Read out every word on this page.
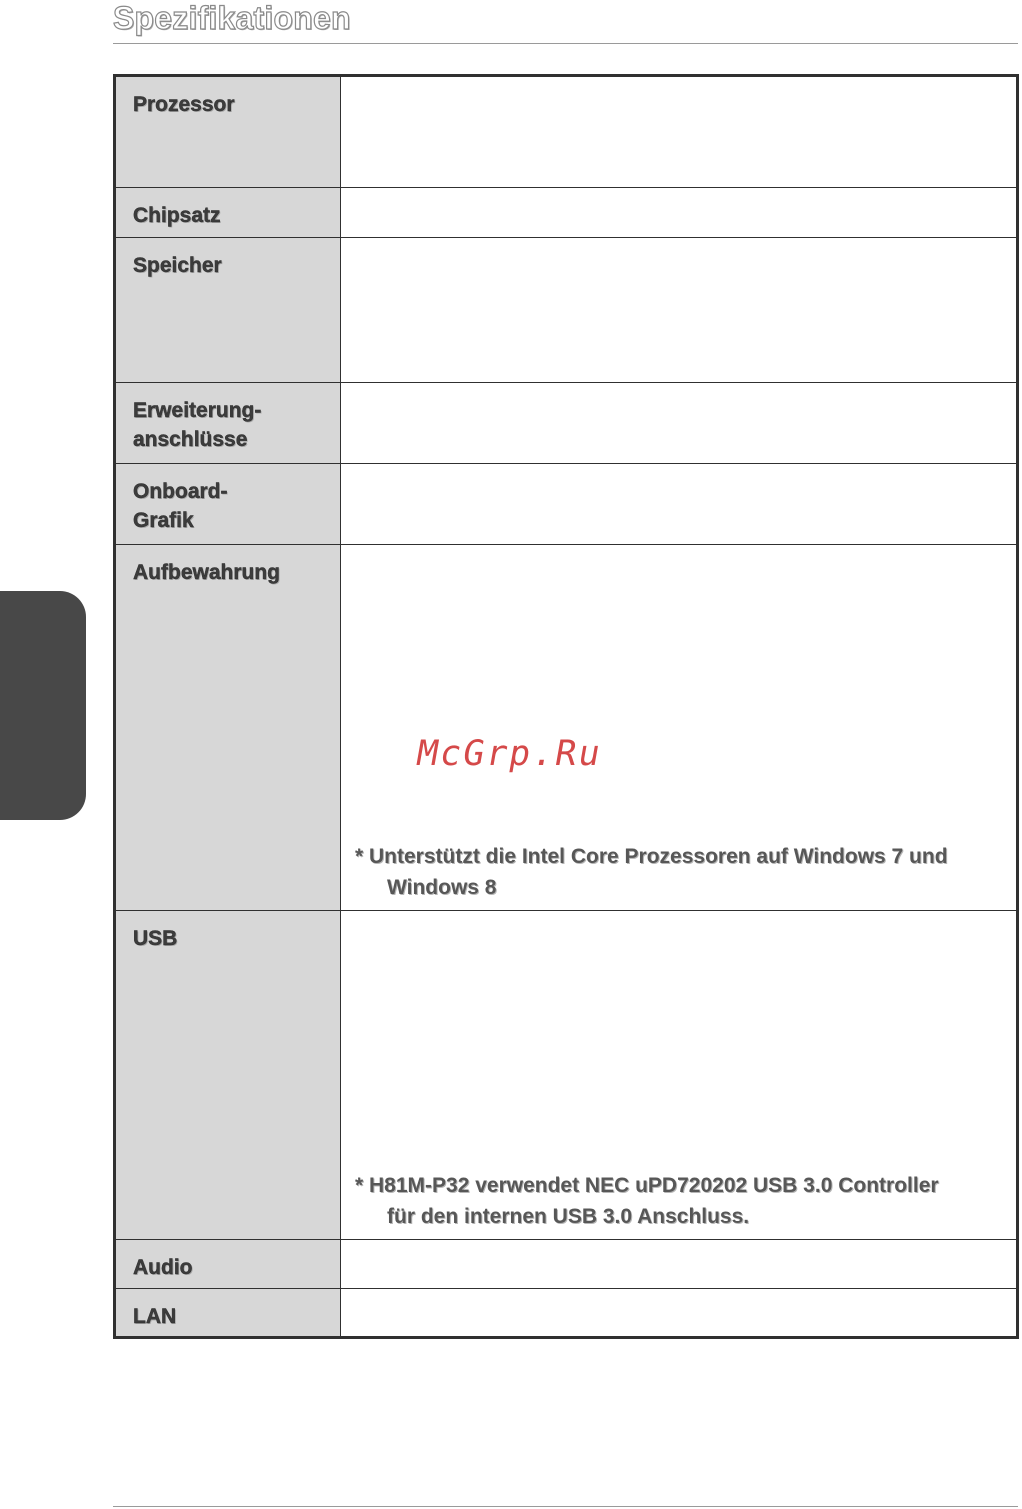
Spezifikationen
Prozessor	
Chipsatz	
Speicher	
Erweiterung-
anschlüsse	
Onboard-
Grafik	
Aufbewahrung	* Unterstützt die Intel Core Prozessoren auf Windows 7 und
Windows 8

USB	* H81M-P32 verwendet NEC uPD720202 USB 3.0 Controller
für den internen USB 3.0 Anschluss.

Audio	
LAN	
McGrp.Ru
